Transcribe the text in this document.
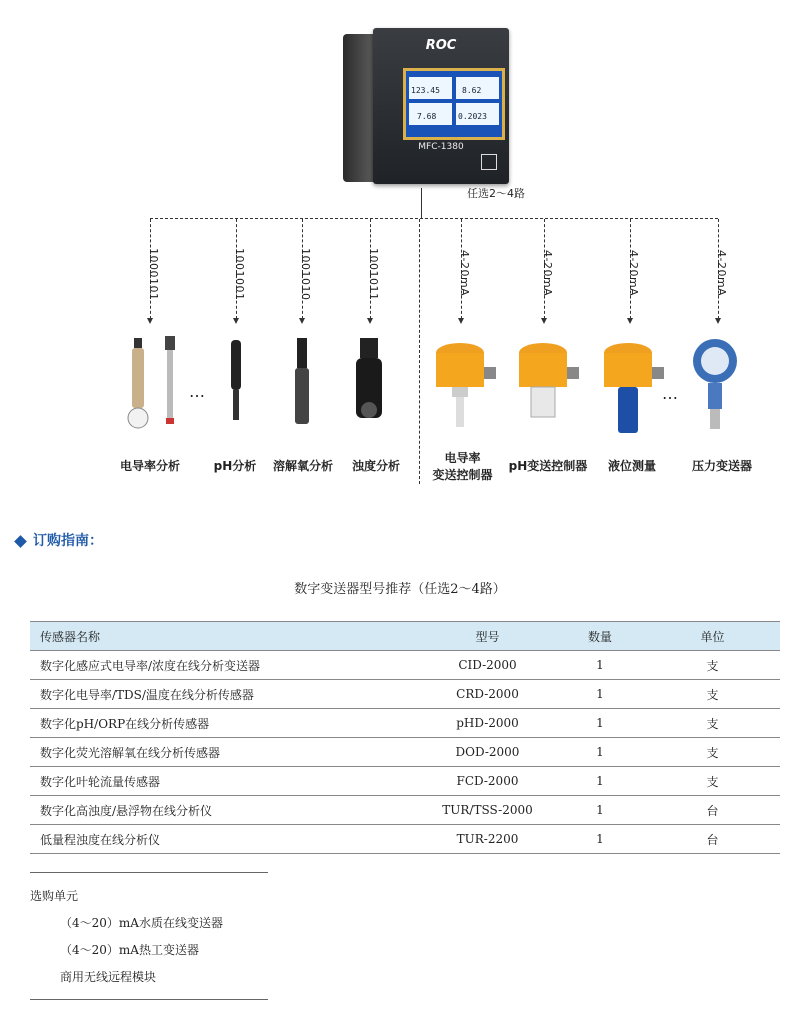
ROC
123.45	8.62
7.68	0.2023
MFC-1380
任选2～4路
1000101	1001001	1001010	1001011	4-20mA	4-20mA	4-20mA	4-20mA
…	…
电导率分析	pH分析	溶解氧分析	浊度分析
电导率
变送控制器
pH变送控制器	液位测量	压力变送器
订购指南：
数字变送器型号推荐（任选2～4路）
传感器名称	型号	数量	单位
数字化感应式电导率/浓度在线分析变送器	CID-2000	1	支
数字化电导率/TDS/温度在线分析传感器	CRD-2000	1	支
数字化pH/ORP在线分析传感器	pHD-2000	1	支
数字化荧光溶解氧在线分析传感器	DOD-2000	1	支
数字化叶轮流量传感器	FCD-2000	1	支
数字化高浊度/悬浮物在线分析仪	TUR/TSS-2000	1	台
低量程浊度在线分析仪	TUR-2200	1	台
选购单元
（4～20）mA水质在线变送器
（4～20）mA热工变送器
商用无线远程模块
